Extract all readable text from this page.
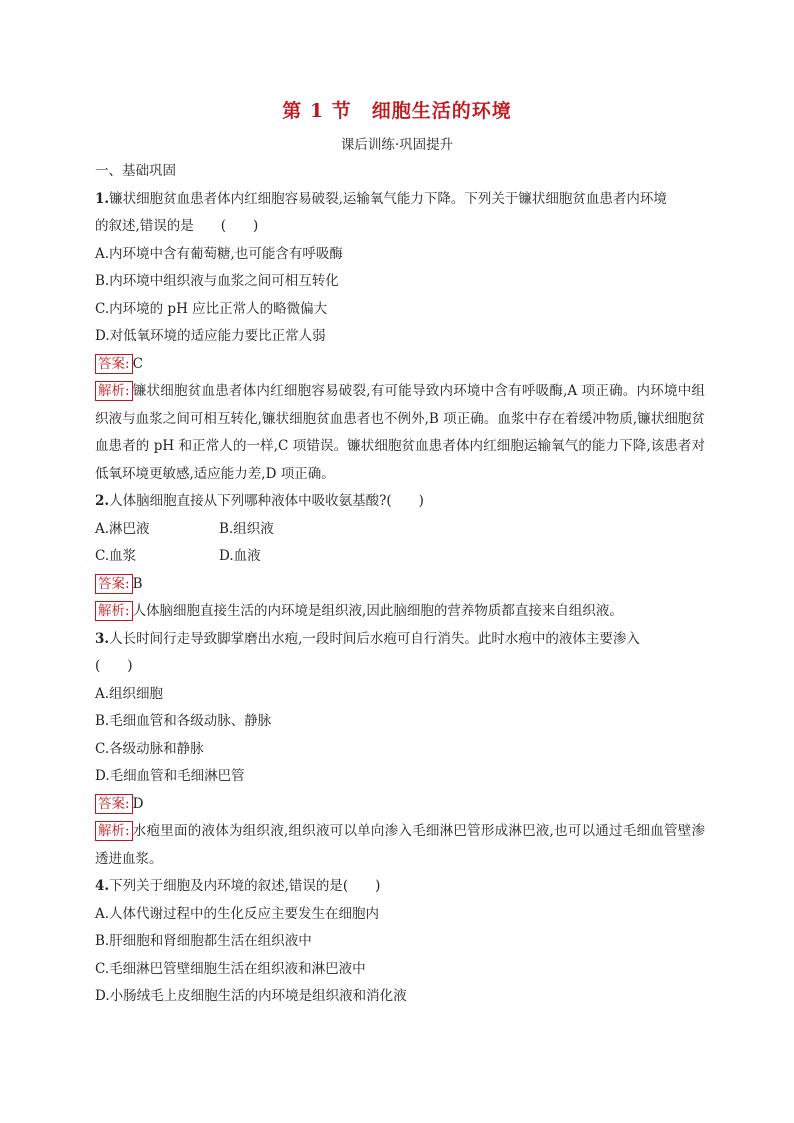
第 1 节　细胞生活的环境
课后训练·巩固提升
一、基础巩固
1.镰状细胞贫血患者体内红细胞容易破裂,运输氧气能力下降。下列关于镰状细胞贫血患者内环境
的叙述,错误的是　　(　　)
A.内环境中含有葡萄糖,也可能含有呼吸酶
B.内环境中组织液与血浆之间可相互转化
C.内环境的 pH 应比正常人的略微偏大
D.对低氧环境的适应能力要比正常人弱
答案: C
解析: 镰状细胞贫血患者体内红细胞容易破裂,有可能导致内环境中含有呼吸酶,A 项正确。内环境中组织液与血浆之间可相互转化,镰状细胞贫血患者也不例外,B 项正确。血浆中存在着缓冲物质,镰状细胞贫血患者的 pH 和正常人的一样,C 项错误。镰状细胞贫血患者体内红细胞运输氧气的能力下降,该患者对低氧环境更敏感,适应能力差,D 项正确。
2.人体脑细胞直接从下列哪种液体中吸收氨基酸?(　　)
A.淋巴液	B.组织液
C.血浆	D.血液
答案: B
解析: 人体脑细胞直接生活的内环境是组织液,因此脑细胞的营养物质都直接来自组织液。
3.人长时间行走导致脚掌磨出水疱,一段时间后水疱可自行消失。此时水疱中的液体主要渗入
(　　)
A.组织细胞
B.毛细血管和各级动脉、静脉
C.各级动脉和静脉
D.毛细血管和毛细淋巴管
答案: D
解析: 水疱里面的液体为组织液,组织液可以单向渗入毛细淋巴管形成淋巴液,也可以通过毛细血管壁渗透进血浆。
4.下列关于细胞及内环境的叙述,错误的是(　　)
A.人体代谢过程中的生化反应主要发生在细胞内
B.肝细胞和肾细胞都生活在组织液中
C.毛细淋巴管壁细胞生活在组织液和淋巴液中
D.小肠绒毛上皮细胞生活的内环境是组织液和消化液
